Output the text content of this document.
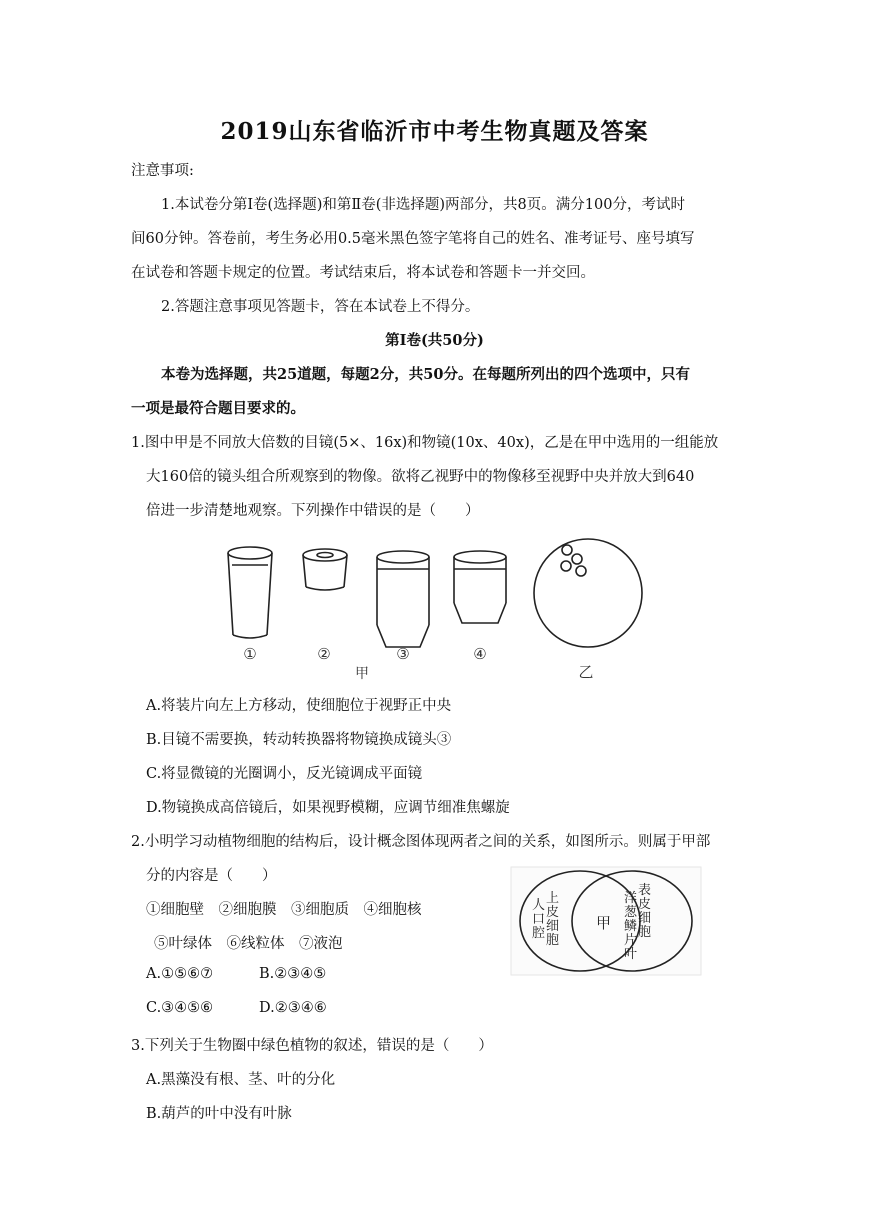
2019山东省临沂市中考生物真题及答案
注意事项:
1.本试卷分第Ⅰ卷(选择题)和第Ⅱ卷(非选择题)两部分，共8页。满分100分，考试时
间60分钟。答卷前，考生务必用0.5毫米黑色签字笔将自己的姓名、准考证号、座号填写
在试卷和答题卡规定的位置。考试结束后，将本试卷和答题卡一并交回。
2.答题注意事项见答题卡，答在本试卷上不得分。
第Ⅰ卷(共50分)
本卷为选择题，共25道题，每题2分，共50分。在每题所列出的四个选项中，只有
一项是最符合题目要求的。
1.图中甲是不同放大倍数的目镜(5×、16x)和物镜(10x、40x)，乙是在甲中选用的一组能放
大160倍的镜头组合所观察到的物像。欲将乙视野中的物像移至视野中央并放大到640
倍进一步清楚地观察。下列操作中错误的是（　　）
①	②	③	④
甲	乙
A.将装片向左上方移动，使细胞位于视野正中央
B.目镜不需要换，转动转换器将物镜换成镜头③
C.将显微镜的光圈调小，反光镜调成平面镜
D.物镜换成高倍镜后，如果视野模糊，应调节细准焦螺旋
2.小明学习动植物细胞的结构后，设计概念图体现两者之间的关系，如图所示。则属于甲部
分的内容是（　　）
①细胞壁　②细胞膜　③细胞质　④细胞核
⑤叶绿体　⑥线粒体　⑦液泡
A.①⑤⑥⑦	B.②③④⑤
C.③④⑤⑥	D.②③④⑥
甲
人口腔上皮细胞
洋葱鳞片叶表皮细胞
3.下列关于生物圈中绿色植物的叙述，错误的是（　　）
A.黑藻没有根、茎、叶的分化
B.葫芦的叶中没有叶脉
